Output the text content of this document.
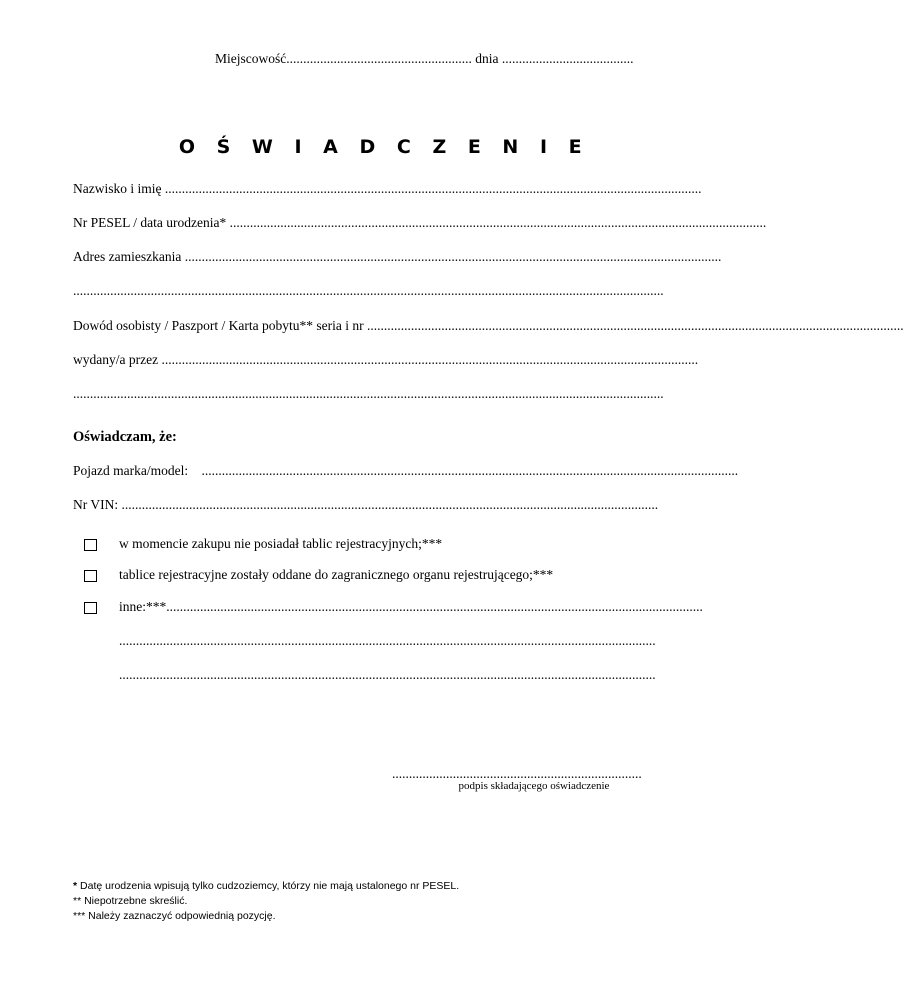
Miejscowość....................................................... dnia .......................................
O Ś W I A D C Z E N I E
Nazwisko i imię ...............................................................................................................................................................
Nr PESEL / data urodzenia* ...............................................................................................................................................................
Adres zamieszkania ...............................................................................................................................................................
...............................................................................................................................................................................
Dowód osobisty / Paszport / Karta pobytu** seria i nr ...............................................................................................................................................................
wydany/a przez ...............................................................................................................................................................
...............................................................................................................................................................................
Oświadczam, że:
Pojazd marka/model: ...............................................................................................................................................................
Nr VIN: ...............................................................................................................................................................
w momencie zakupu nie posiadał tablic rejestracyjnych;***
tablice rejestracyjne zostały oddane do zagranicznego organu rejestrującego;***
inne:***...............................................................................................................................................................
...............................................................................................................................................................
...............................................................................................................................................................
..........................................................................
podpis składającego oświadczenie
* Datę urodzenia wpisują tylko cudzoziemcy, którzy nie mają ustalonego nr PESEL.
** Niepotrzebne skreślić.
*** Należy zaznaczyć odpowiednią pozycję.
